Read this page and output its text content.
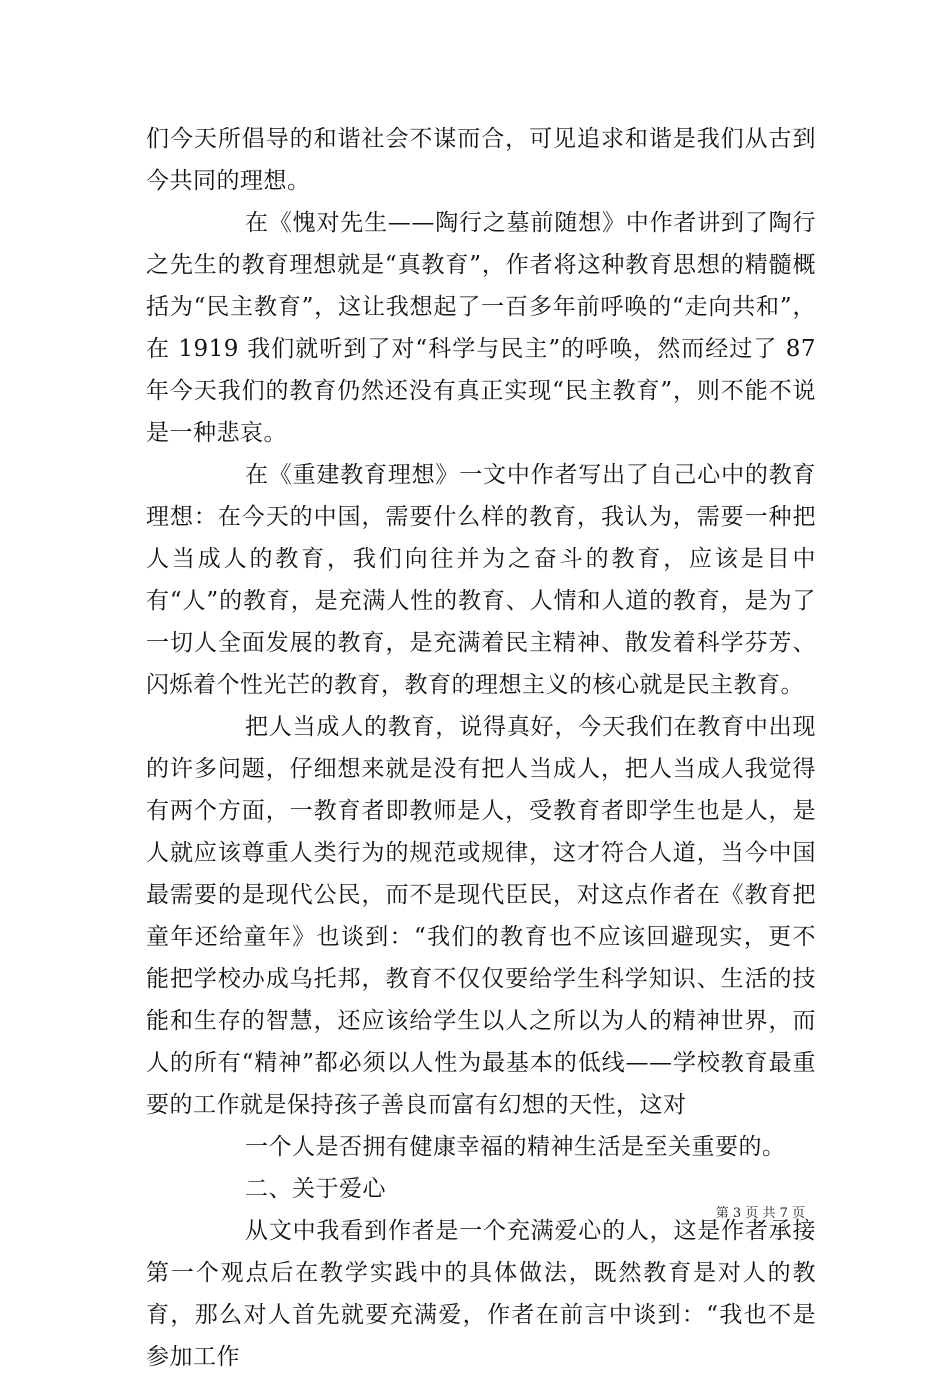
们今天所倡导的和谐社会不谋而合，可见追求和谐是我们从古到今共同的理想。

在《愧对先生——陶行之墓前随想》中作者讲到了陶行之先生的教育理想就是“真教育”，作者将这种教育思想的精髓概括为“民主教育”，这让我想起了一百多年前呼唤的“走向共和”，在 1919 我们就听到了对“科学与民主”的呼唤，然而经过了 87 年今天我们的教育仍然还没有真正实现“民主教育”，则不能不说是一种悲哀。

在《重建教育理想》一文中作者写出了自己心中的教育理想：在今天的中国，需要什么样的教育，我认为，需要一种把人当成人的教育，我们向往并为之奋斗的教育，应该是目中有“人”的教育，是充满人性的教育、人情和人道的教育，是为了一切人全面发展的教育，是充满着民主精神、散发着科学芬芳、闪烁着个性光芒的教育，教育的理想主义的核心就是民主教育。

把人当成人的教育，说得真好，今天我们在教育中出现的许多问题，仔细想来就是没有把人当成人，把人当成人我觉得有两个方面，一教育者即教师是人，受教育者即学生也是人，是人就应该尊重人类行为的规范或规律，这才符合人道，当今中国最需要的是现代公民，而不是现代臣民，对这点作者在《教育把童年还给童年》也谈到：“我们的教育也不应该回避现实，更不能把学校办成乌托邦，教育不仅仅要给学生科学知识、生活的技能和生存的智慧，还应该给学生以人之所以为人的精神世界，而人的所有“精神”都必须以人性为最基本的低线——学校教育最重要的工作就是保持孩子善良而富有幻想的天性，这对

一个人是否拥有健康幸福的精神生活是至关重要的。

二、关于爱心

从文中我看到作者是一个充满爱心的人，这是作者承接第一个观点后在教学实践中的具体做法，既然教育是对人的教育，那么对人首先就要充满爱，作者在前言中谈到：“我也不是参加工作

第 3 页 共 7 页
